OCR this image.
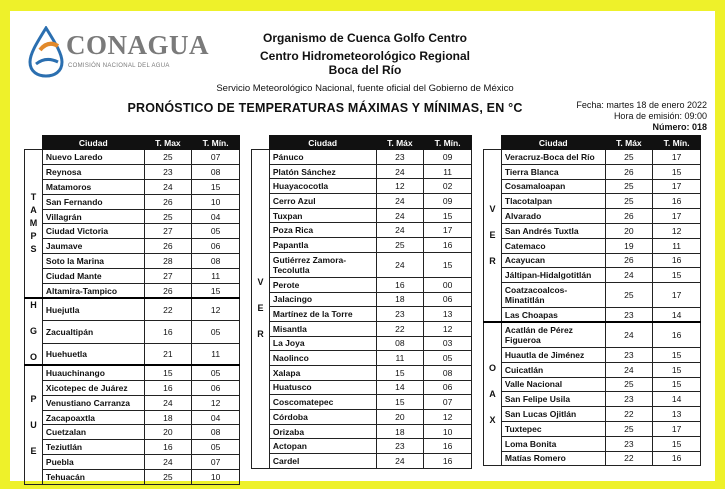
CONAGUA
COMISIÓN NACIONAL DEL AGUA
Organismo de Cuenca Golfo Centro
Centro Hidrometeorológico Regional
Boca del Río
Servicio Meteorológico Nacional, fuente oficial del Gobierno de México
Fecha: martes 18 de enero 2022
Hora de emisión: 09:00
Número: 018
PRONÓSTICO DE TEMPERATURAS MÁXIMAS Y MÍNIMAS, EN °C
	Ciudad	T. Max	T. Mín.
T
A
M
P
S	Nuevo Laredo	25	07
	Reynosa	23	08
	Matamoros	24	15
	San Fernando	26	10
	Villagrán	25	04
	Ciudad Victoria	27	05
	Jaumave	26	06
	Soto la Marina	28	08
	Ciudad Mante	27	11
	Altamira-Tampico	26	15
H

G

O	Huejutla	22	12
	Zacualtipán	16	05
	Huehuetla	21	11
P

U

E	Huauchinango	15	05
	Xicotepec de Juárez	16	06
	Venustiano Carranza	24	12
	Zacapoaxtla	18	04
	Cuetzalan	20	08
	Teziutlán	16	05
	Puebla	24	07
	Tehuacán	25	10
	Ciudad	T. Máx	T. Mín.
V

E

R	Pánuco	23	09
	Platón Sánchez	24	11
	Huayacocotla	12	02
	Cerro Azul	24	09
	Tuxpan	24	15
	Poza Rica	24	17
	Papantla	25	16
	Gutiérrez Zamora-Tecolutla	24	15
	Perote	16	00
	Jalacingo	18	06
	Martínez de la Torre	23	13
	Misantla	22	12
	La Joya	08	03
	Naolinco	11	05
	Xalapa	15	08
	Huatusco	14	06
	Coscomatepec	15	07
	Córdoba	20	12
	Orizaba	18	10
	Actopan	23	16
	Cardel	24	16
	Ciudad	T. Máx	T. Mín.
V

E

R	Veracruz-Boca del Río	25	17
	Tierra Blanca	26	15
	Cosamaloapan	25	17
	Tlacotalpan	25	16
	Alvarado	26	17
	San Andrés Tuxtla	20	12
	Catemaco	19	11
	Acayucan	26	16
	Jáltipan-Hidalgotitlán	24	15
	Coatzacoalcos-Minatitlán	25	17
	Las Choapas	23	14
O

A

X	Acatlán de Pérez Figueroa	24	16
	Huautla de Jiménez	23	15
	Cuicatlán	24	15
	Valle Nacional	25	15
	San Felipe Usila	23	14
	San Lucas Ojitlán	22	13
	Tuxtepec	25	17
	Loma Bonita	23	15
	Matías Romero	22	16
